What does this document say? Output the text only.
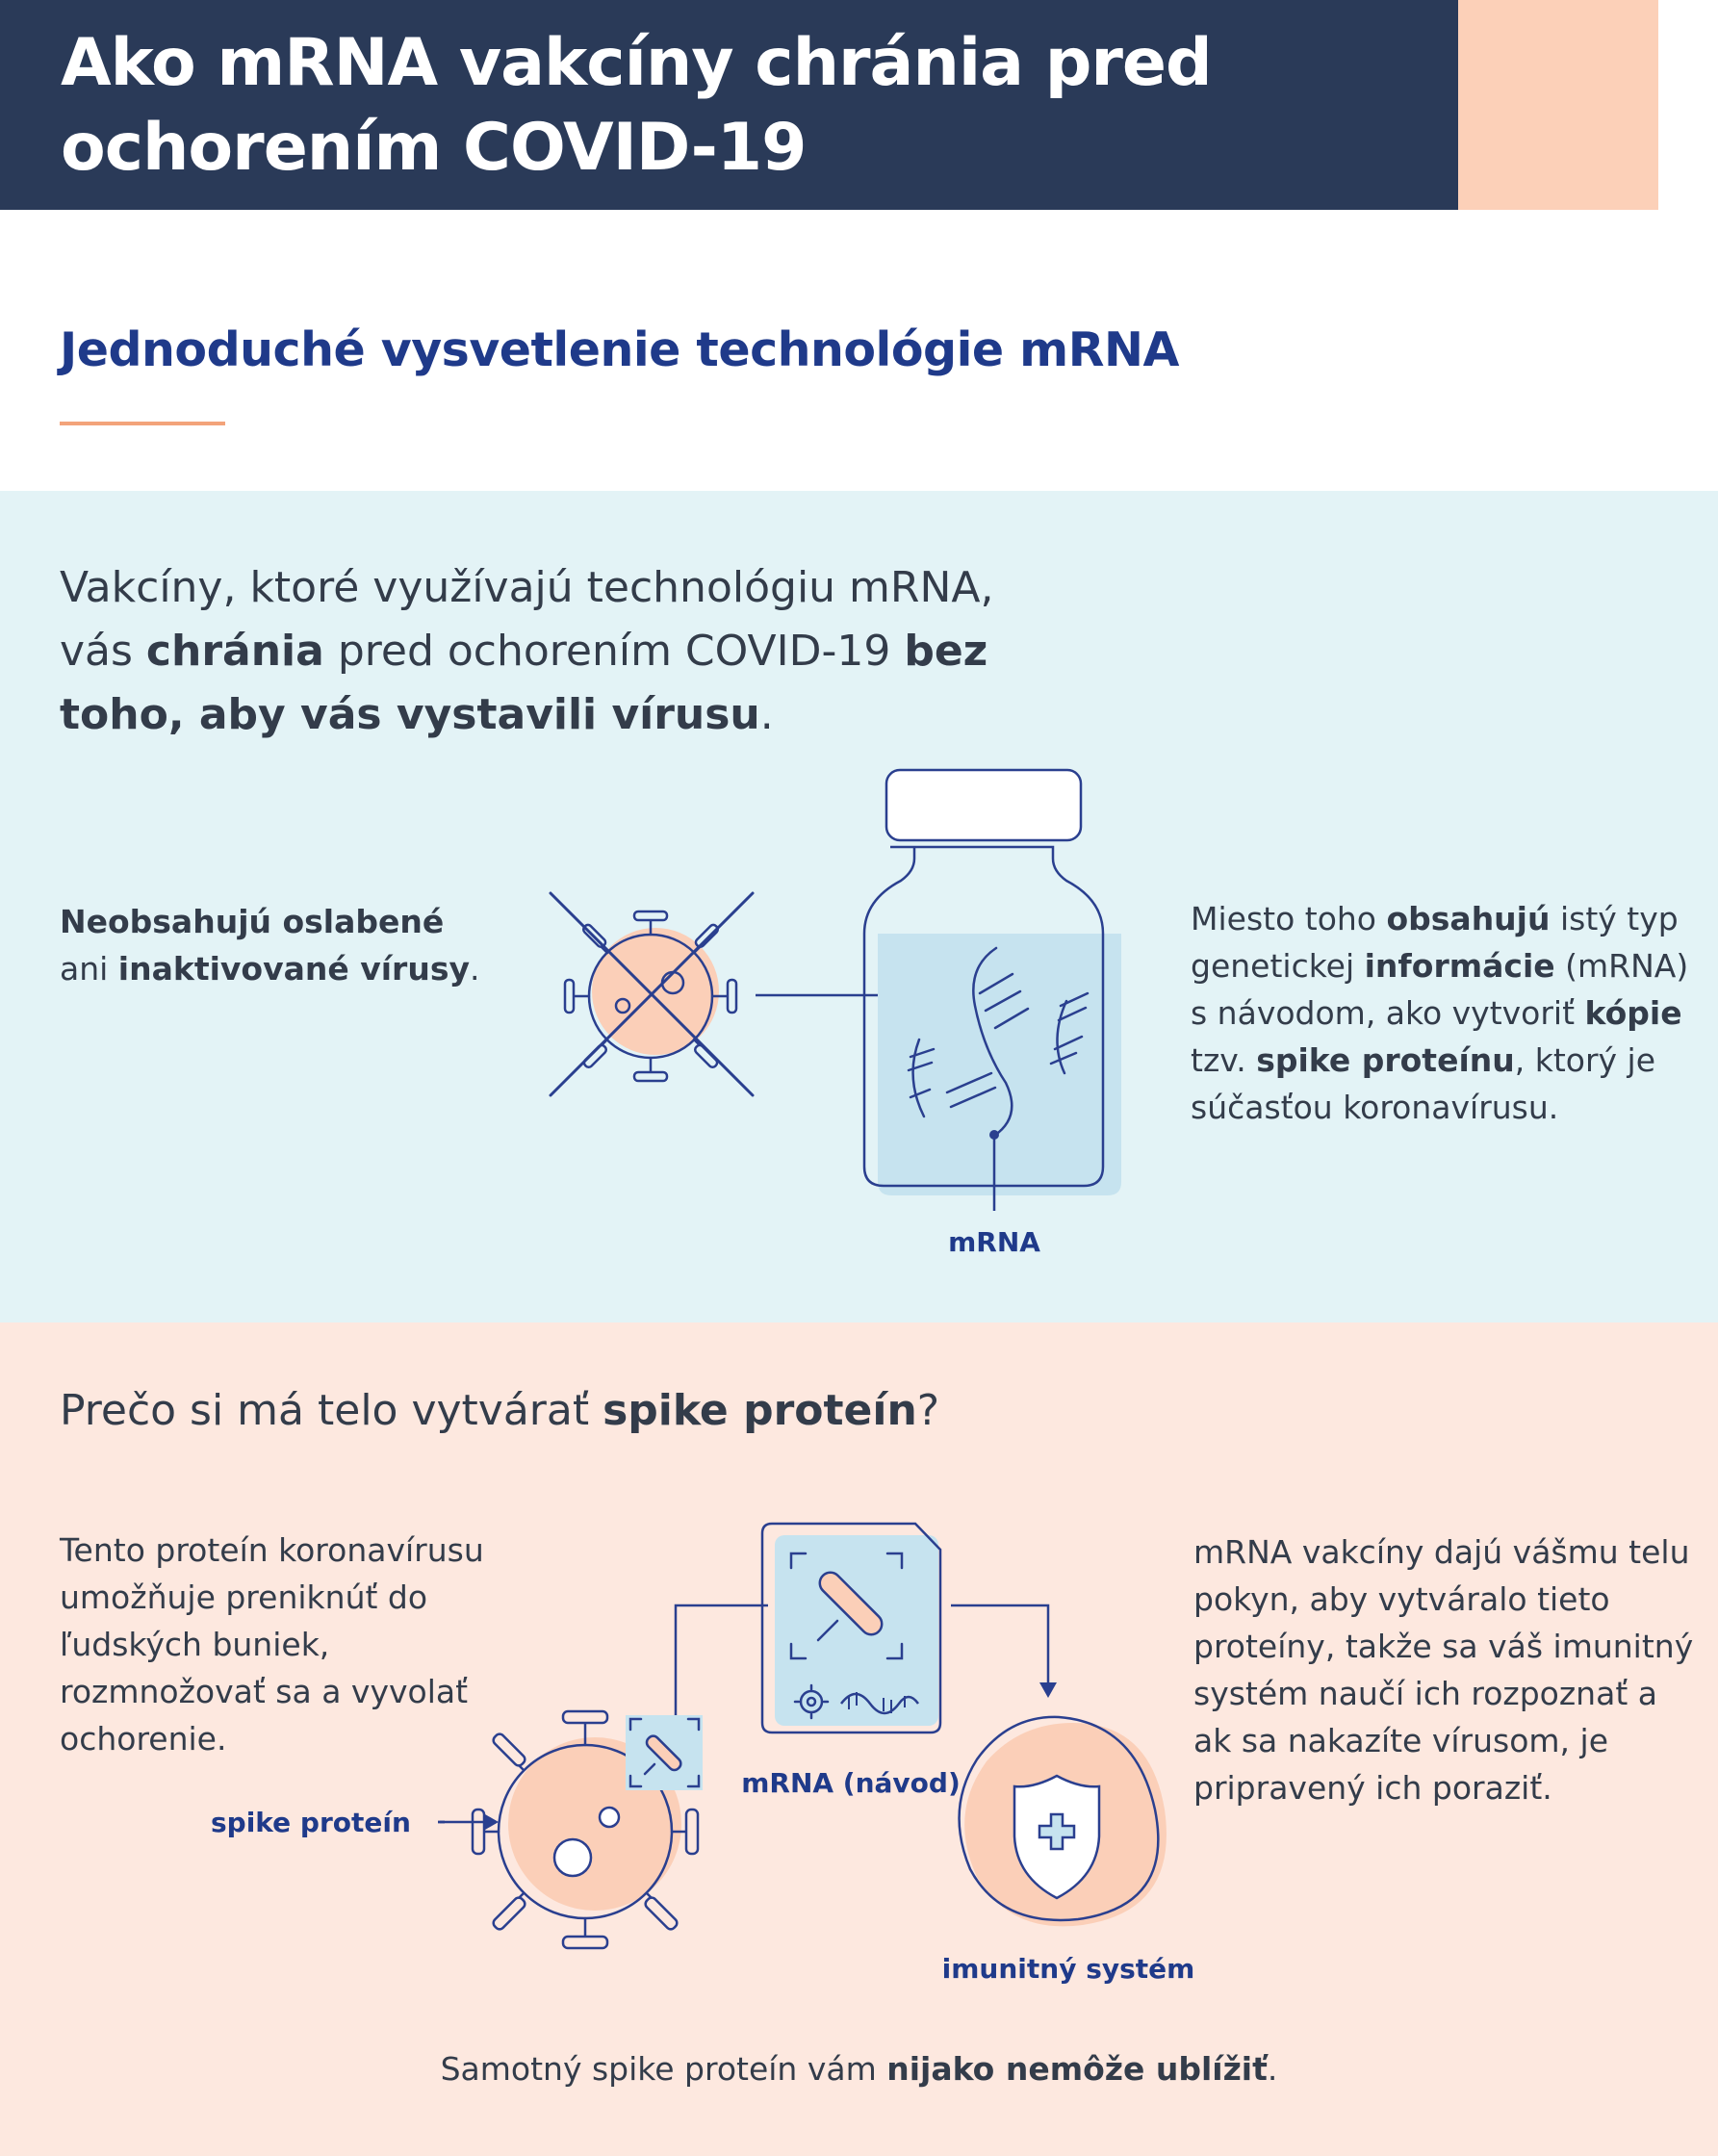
Ako mRNA vakcíny chránia pred ochorením COVID-19
Jednoduché vysvetlenie technológie mRNA

Vakcíny, ktoré využívajú technológiu mRNA, vás chránia pred ochorením COVID-19 bez toho, aby vás vystavili vírusu.

Neobsahujú oslabené ani inaktivované vírusy.

Miesto toho obsahujú istý typ genetickej informácie (mRNA) s návodom, ako vytvoriť kópie tzv. spike proteínu, ktorý je súčasťou koronavírusu.

Prečo si má telo vytvárať spike proteín?

Tento proteín koronavírusu umožňuje preniknúť do ľudských buniek, rozmnožovať sa a vyvolať ochorenie.

mRNA vakcíny dajú vášmu telu pokyn, aby vytváralo tieto proteíny, takže sa váš imunitný systém naučí ich rozpoznať a ak sa nakazíte vírusom, je pripravený ich poraziť.

Samotný spike proteín vám nijako nemôže ublížiť.

mRNA
spike proteín
mRNA (návod)
imunitný systém
